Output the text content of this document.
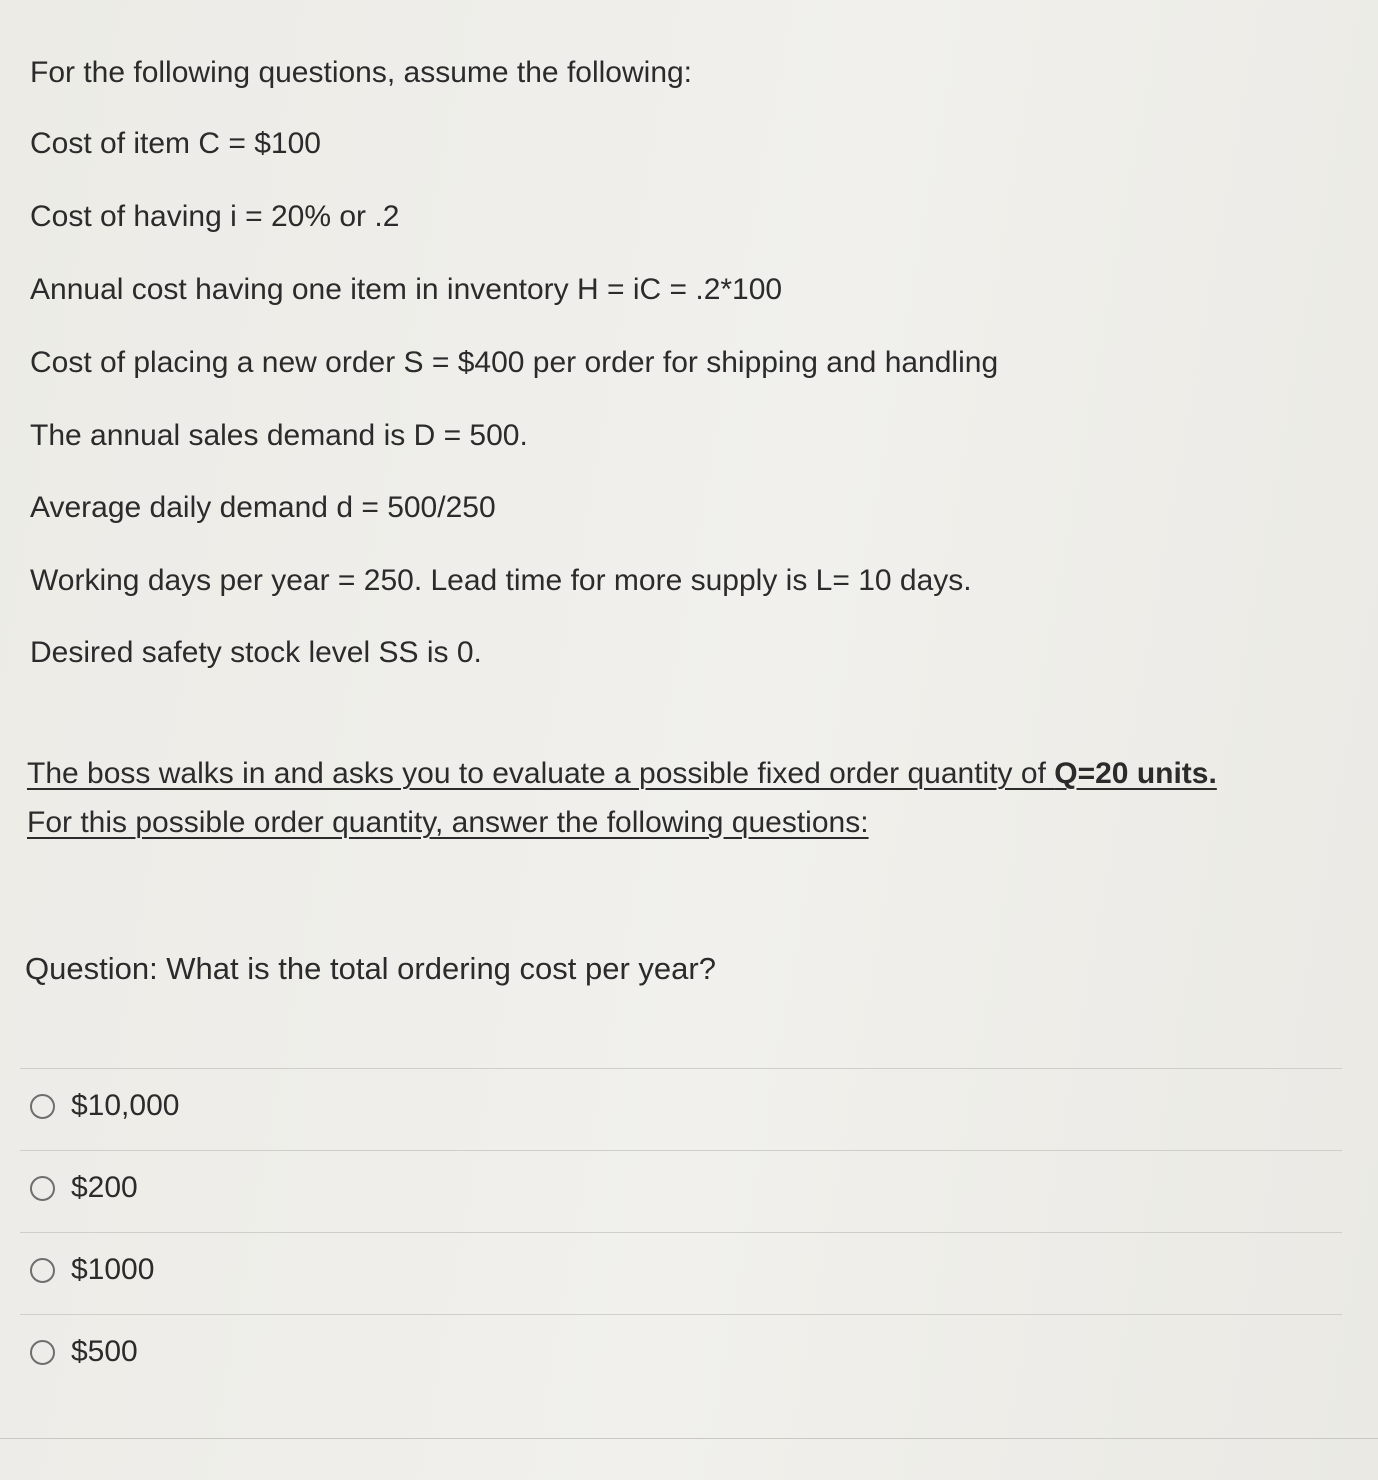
For the following questions, assume the following:
Cost of item C = $100
Cost of having i = 20% or .2
Annual cost having one item in inventory H = iC = .2*100
Cost of placing a new order S = $400 per order for shipping and handling
The annual sales demand is D = 500.
Average daily demand d = 500/250
Working days per year = 250. Lead time for more supply is L= 10 days.
Desired safety stock level SS is 0.
The boss walks in and asks you to evaluate a possible fixed order quantity of Q=20 units.
For this possible order quantity, answer the following questions:
Question: What is the total ordering cost per year?
$10,000
$200
$1000
$500
